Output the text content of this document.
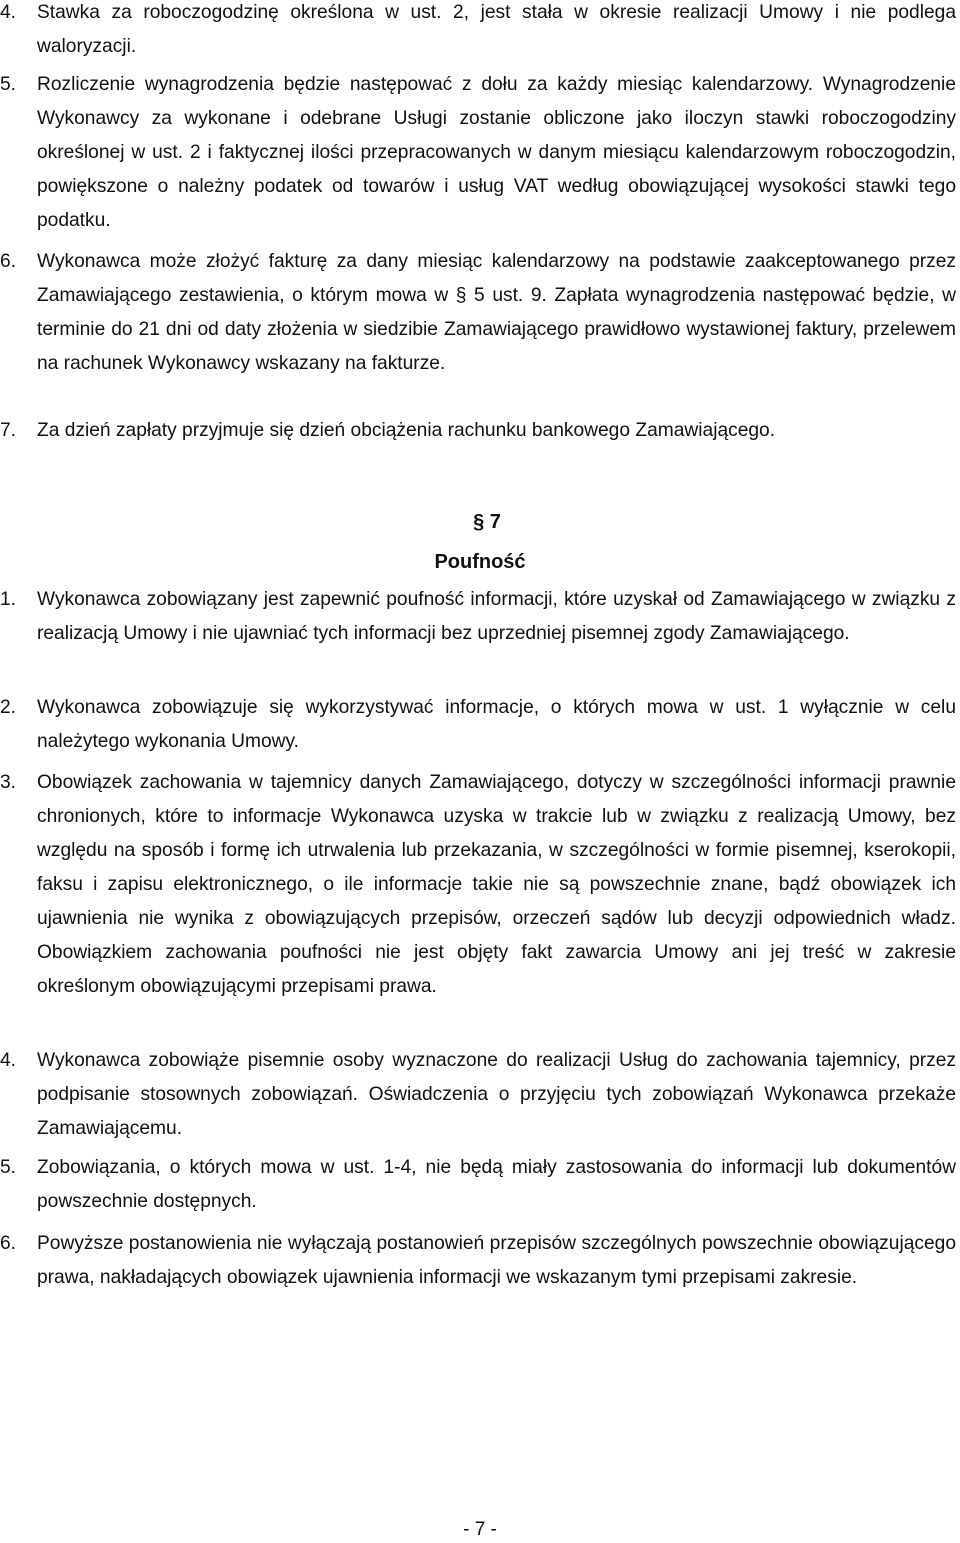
4. Stawka za roboczogodzinę określona w ust. 2, jest stała w okresie realizacji Umowy i nie podlega waloryzacji.
5. Rozliczenie wynagrodzenia będzie następować z dołu za każdy miesiąc kalendarzowy. Wynagrodzenie Wykonawcy za wykonane i odebrane Usługi zostanie obliczone jako iloczyn stawki roboczogodziny określonej w ust. 2 i faktycznej ilości przepracowanych w danym miesiącu kalendarzowym roboczogodzin, powiększone o należny podatek od towarów i usług VAT według obowiązującej wysokości stawki tego podatku.
6. Wykonawca może złożyć fakturę za dany miesiąc kalendarzowy na podstawie zaakceptowanego przez Zamawiającego zestawienia, o którym mowa w § 5 ust. 9. Zapłata wynagrodzenia następować będzie, w terminie do 21 dni od daty złożenia w siedzibie Zamawiającego prawidłowo wystawionej faktury, przelewem na rachunek Wykonawcy wskazany na fakturze.
7. Za dzień zapłaty przyjmuje się dzień obciążenia rachunku bankowego Zamawiającego.
§ 7
Poufność
1. Wykonawca zobowiązany jest zapewnić poufność informacji, które uzyskał od Zamawiającego w związku z realizacją Umowy i nie ujawniać tych informacji bez uprzedniej pisemnej zgody Zamawiającego.
2. Wykonawca zobowiązuje się wykorzystywać informacje, o których mowa w ust. 1 wyłącznie w celu należytego wykonania Umowy.
3. Obowiązek zachowania w tajemnicy danych Zamawiającego, dotyczy w szczególności informacji prawnie chronionych, które to informacje Wykonawca uzyska w trakcie lub w związku z realizacją Umowy, bez względu na sposób i formę ich utrwalenia lub przekazania, w szczególności w formie pisemnej, kserokopii, faksu i zapisu elektronicznego, o ile informacje takie nie są powszechnie znane, bądź obowiązek ich ujawnienia nie wynika z obowiązujących przepisów, orzeczeń sądów lub decyzji odpowiednich władz. Obowiązkiem zachowania poufności nie jest objęty fakt zawarcia Umowy ani jej treść w zakresie określonym obowiązującymi przepisami prawa.
4. Wykonawca zobowiąże pisemnie osoby wyznaczone do realizacji Usług do zachowania tajemnicy, przez podpisanie stosownych zobowiązań. Oświadczenia o przyjęciu tych zobowiązań Wykonawca przekaże Zamawiającemu.
5. Zobowiązania, o których mowa w ust. 1-4, nie będą miały zastosowania do informacji lub dokumentów powszechnie dostępnych.
6. Powyższe postanowienia nie wyłączają postanowień przepisów szczególnych powszechnie obowiązującego prawa, nakładających obowiązek ujawnienia informacji we wskazanym tymi przepisami zakresie.
- 7 -
